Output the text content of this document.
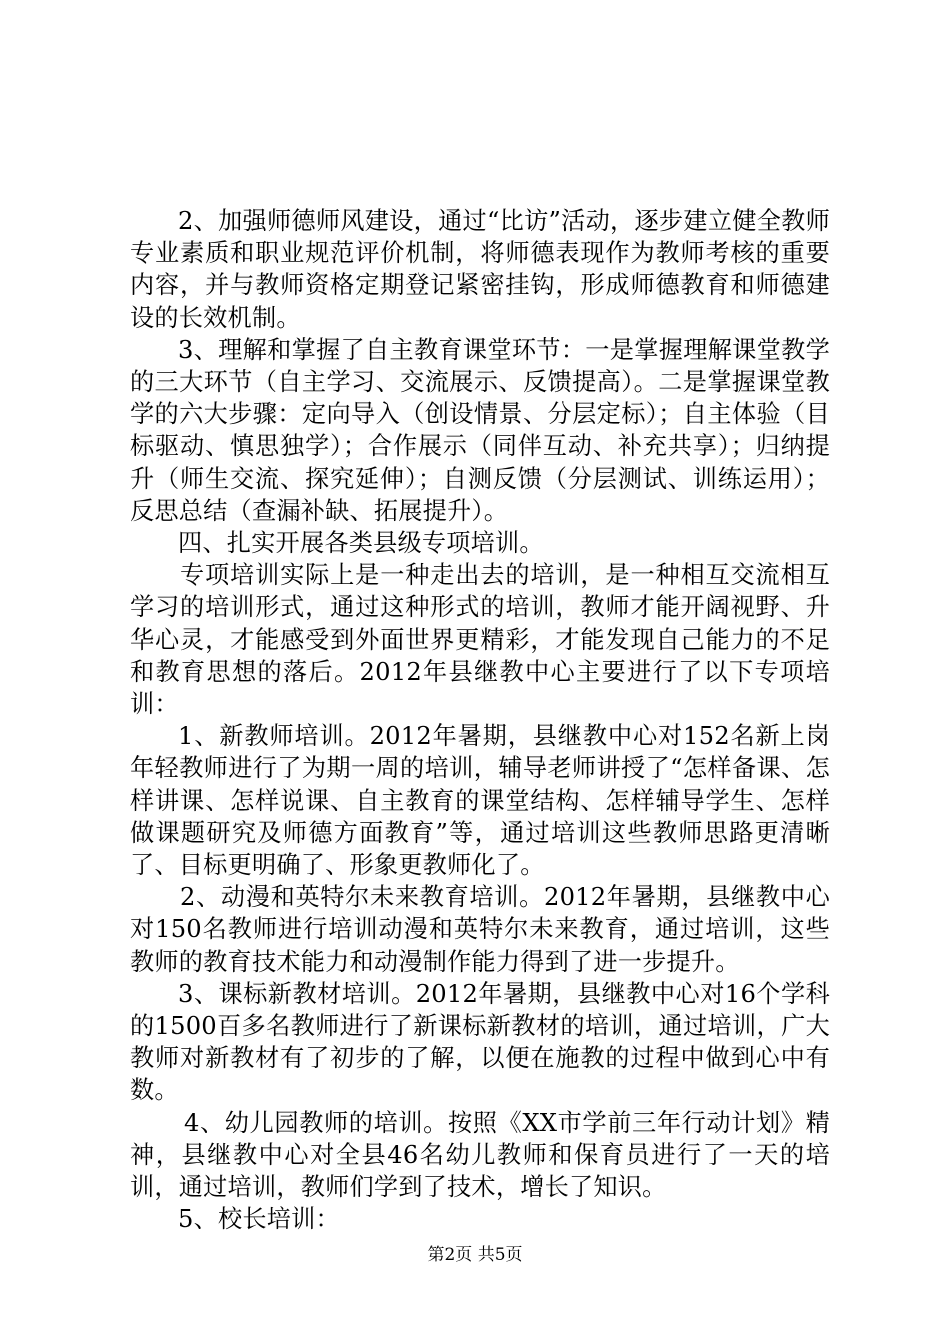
2、加强师德师风建设，通过“比访”活动，逐步建立健全教师专业素质和职业规范评价机制，将师德表现作为教师考核的重要内容，并与教师资格定期登记紧密挂钩，形成师德教育和师德建设的长效机制。

3、理解和掌握了自主教育课堂环节：一是掌握理解课堂教学的三大环节（自主学习、交流展示、反馈提高）。二是掌握课堂教学的六大步骤：定向导入（创设情景、分层定标）；自主体验（目标驱动、慎思独学）；合作展示（同伴互动、补充共享）；归纳提升（师生交流、探究延伸）；自测反馈（分层测试、训练运用）；反思总结（查漏补缺、拓展提升）。

四、扎实开展各类县级专项培训。

专项培训实际上是一种走出去的培训，是一种相互交流相互学习的培训形式，通过这种形式的培训，教师才能开阔视野、升华心灵，才能感受到外面世界更精彩，才能发现自己能力的不足和教育思想的落后。2012年县继教中心主要进行了以下专项培训：

1、新教师培训。2012年暑期，县继教中心对152名新上岗年轻教师进行了为期一周的培训，辅导老师讲授了“怎样备课、怎样讲课、怎样说课、自主教育的课堂结构、怎样辅导学生、怎样做课题研究及师德方面教育”等，通过培训这些教师思路更清晰了、目标更明确了、形象更教师化了。

2、动漫和英特尔未来教育培训。2012年暑期，县继教中心对150名教师进行培训动漫和英特尔未来教育，通过培训，这些教师的教育技术能力和动漫制作能力得到了进一步提升。

3、课标新教材培训。2012年暑期，县继教中心对16个学科的1500百多名教师进行了新课标新教材的培训，通过培训，广大教师对新教材有了初步的了解，以便在施教的过程中做到心中有数。

4、幼儿园教师的培训。按照《XX市学前三年行动计划》精神，县继教中心对全县46名幼儿教师和保育员进行了一天的培训，通过培训，教师们学到了技术，增长了知识。

5、校长培训：

第2页 共5页
